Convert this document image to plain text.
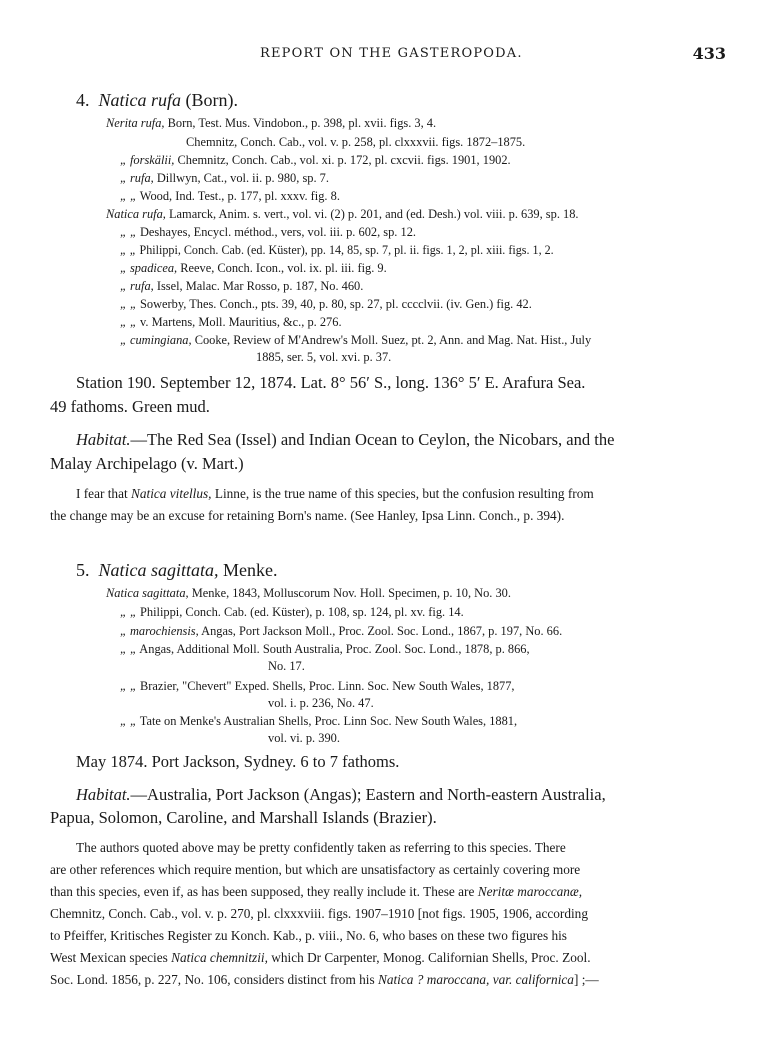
REPORT ON THE GASTEROPODA.	433
4. Natica rufa (Born).
Nerita rufa, Born, Test. Mus. Vindobon., p. 398, pl. xvii. figs. 3, 4.
Chemnitz, Conch. Cab., vol. v. p. 258, pl. clxxxvii. figs. 1872–1875.
„ forskälii, Chemnitz, Conch. Cab., vol. xi. p. 172, pl. cxcvii. figs. 1901, 1902.
„ rufa, Dillwyn, Cat., vol. ii. p. 980, sp. 7.
„ „ Wood, Ind. Test., p. 177, pl. xxxv. fig. 8.
Natica rufa, Lamarck, Anim. s. vert., vol. vi. (2) p. 201, and (ed. Desh.) vol. viii. p. 639, sp. 18.
„ „ Deshayes, Encycl. méthod., vers, vol. iii. p. 602, sp. 12.
„ „ Philippi, Conch. Cab. (ed. Küster), pp. 14, 85, sp. 7, pl. ii. figs. 1, 2, pl. xiii. figs. 1, 2.
„ spadicea, Reeve, Conch. Icon., vol. ix. pl. iii. fig. 9.
„ rufa, Issel, Malac. Mar Rosso, p. 187, No. 460.
„ „ Sowerby, Thes. Conch., pts. 39, 40, p. 80, sp. 27, pl. cccclvii. (iv. Gen.) fig. 42.
„ „ v. Martens, Moll. Mauritius, &c., p. 276.
„ cumingiana, Cooke, Review of M'Andrew's Moll. Suez, pt. 2, Ann. and Mag. Nat. Hist., July
1885, ser. 5, vol. xvi. p. 37.
Station 190. September 12, 1874. Lat. 8° 56′ S., long. 136° 5′ E. Arafura Sea.
49 fathoms. Green mud.
Habitat.—The Red Sea (Issel) and Indian Ocean to Ceylon, the Nicobars, and the
Malay Archipelago (v. Mart.)
I fear that Natica vitellus, Linne, is the true name of this species, but the confusion resulting from
the change may be an excuse for retaining Born's name. (See Hanley, Ipsa Linn. Conch., p. 394).
5. Natica sagittata, Menke.
Natica sagittata, Menke, 1843, Molluscorum Nov. Holl. Specimen, p. 10, No. 30.
„ „ Philippi, Conch. Cab. (ed. Küster), p. 108, sp. 124, pl. xv. fig. 14.
„ marochiensis, Angas, Port Jackson Moll., Proc. Zool. Soc. Lond., 1867, p. 197, No. 66.
„ „ Angas, Additional Moll. South Australia, Proc. Zool. Soc. Lond., 1878, p. 866,
No. 17.
„ „ Brazier, "Chevert" Exped. Shells, Proc. Linn. Soc. New South Wales, 1877,
vol. i. p. 236, No. 47.
„ „ Tate on Menke's Australian Shells, Proc. Linn Soc. New South Wales, 1881,
vol. vi. p. 390.
May 1874. Port Jackson, Sydney. 6 to 7 fathoms.
Habitat.—Australia, Port Jackson (Angas); Eastern and North-eastern Australia,
Papua, Solomon, Caroline, and Marshall Islands (Brazier).
The authors quoted above may be pretty confidently taken as referring to this species. There
are other references which require mention, but which are unsatisfactory as certainly covering more
than this species, even if, as has been supposed, they really include it. These are Neritæ maroccanæ,
Chemnitz, Conch. Cab., vol. v. p. 270, pl. clxxxviii. figs. 1907–1910 [not figs. 1905, 1906, according
to Pfeiffer, Kritisches Register zu Konch. Kab., p. viii., No. 6, who bases on these two figures his
West Mexican species Natica chemnitzii, which Dr Carpenter, Monog. Californian Shells, Proc. Zool.
Soc. Lond. 1856, p. 227, No. 106, considers distinct from his Natica ? maroccana, var. californica] ;—
